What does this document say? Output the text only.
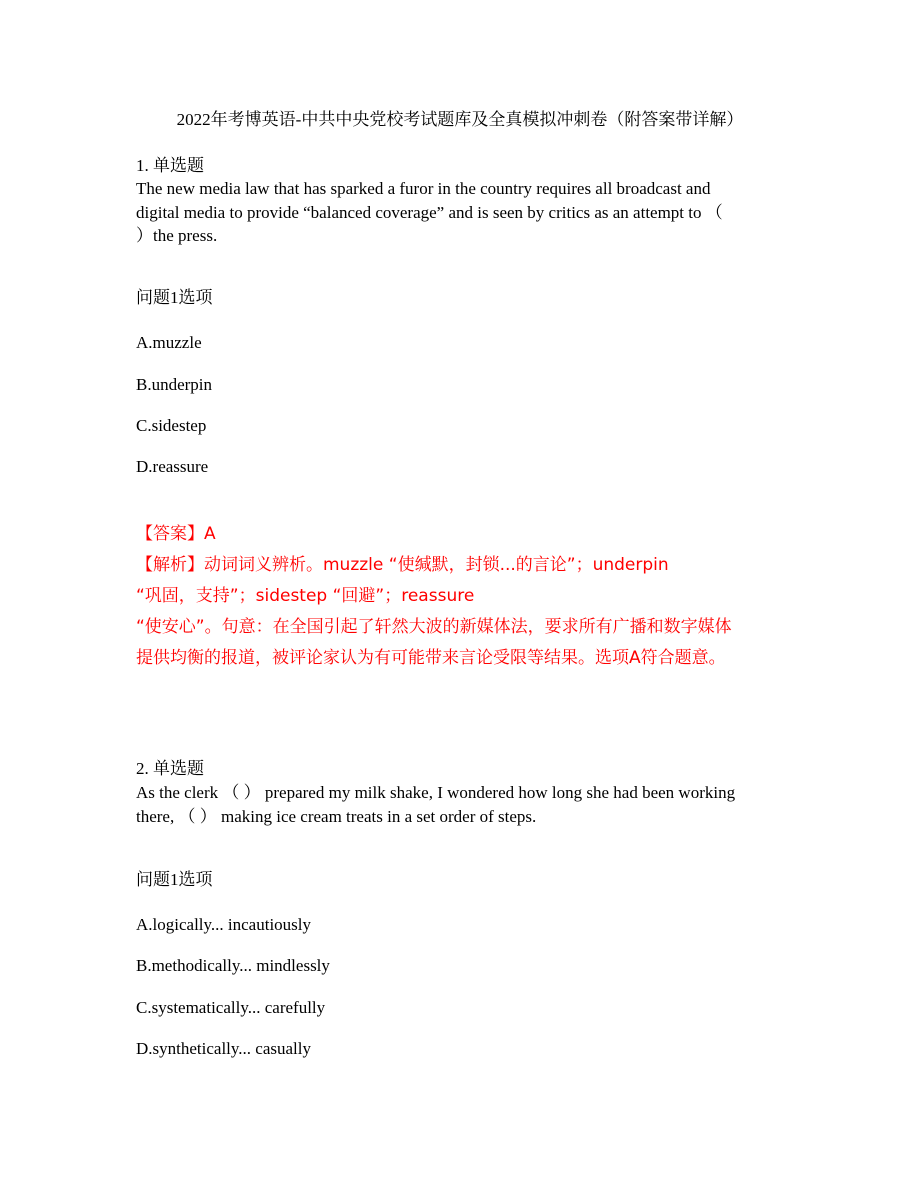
2022年考博英语-中共中央党校考试题库及全真模拟冲刺卷（附答案带详解）
1. 单选题
The new media law that has sparked a furor in the country requires all broadcast and
digital media to provide “balanced coverage” and is seen by critics as an attempt to （
）the press.
问题1选项
A.muzzle
B.underpin
C.sidestep
D.reassure
【答案】A
【解析】动词词义辨析。muzzle “使缄默，封锁...的言论”；underpin
“巩固，支持”；sidestep “回避”；reassure
“使安心”。句意：在全国引起了轩然大波的新媒体法，要求所有广播和数字媒体
提供均衡的报道，被评论家认为有可能带来言论受限等结果。选项A符合题意。
2. 单选题
As the clerk （ ） prepared my milk shake, I wondered how long she had been working
there, （ ） making ice cream treats in a set order of steps.
问题1选项
A.logically... incautiously
B.methodically... mindlessly
C.systematically... carefully
D.synthetically... casually
